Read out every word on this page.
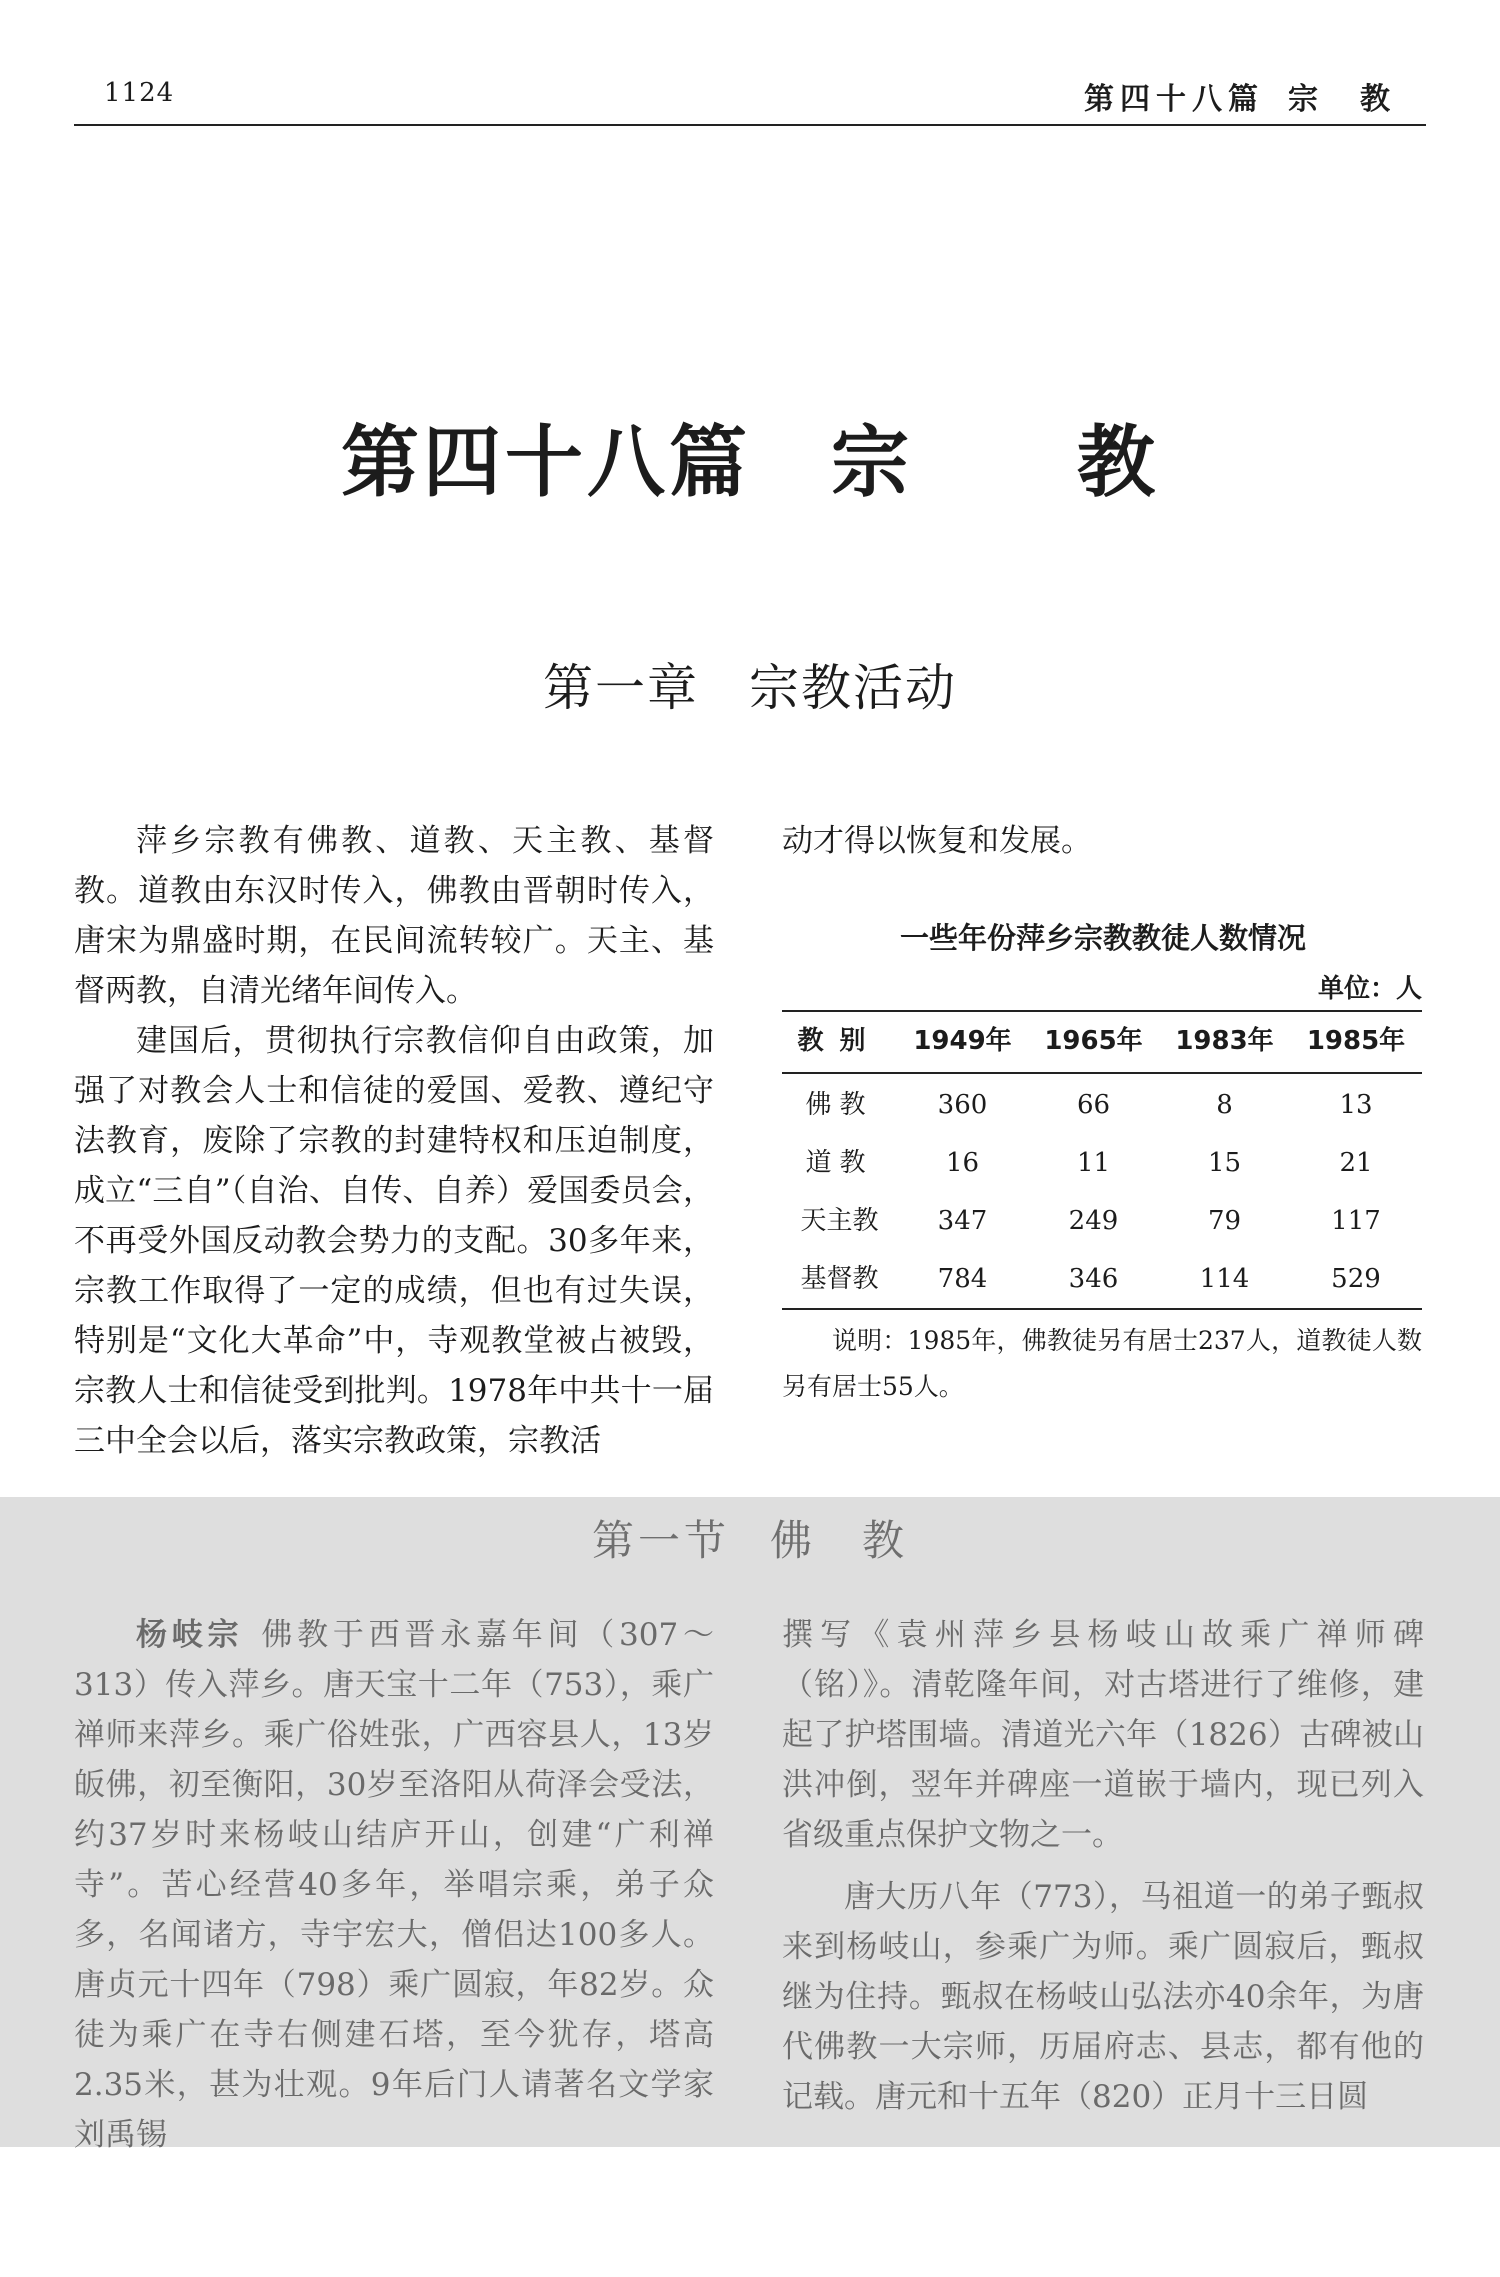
1124	第四十八篇 宗　教
第四十八篇 宗　　教
第一章 宗教活动

萍乡宗教有佛教、道教、天主教、基督教。道教由东汉时传入，佛教由晋朝时传入，唐宋为鼎盛时期，在民间流转较广。天主、基督两教，自清光绪年间传入。

建国后，贯彻执行宗教信仰自由政策，加强了对教会人士和信徒的爱国、爱教、遵纪守法教育，废除了宗教的封建特权和压迫制度，成立“三自”（自治、自传、自养）爱国委员会，不再受外国反动教会势力的支配。30多年来，宗教工作取得了一定的成绩，但也有过失误，特别是“文化大革命”中，寺观教堂被占被毁，宗教人士和信徒受到批判。1978年中共十一届三中全会以后，落实宗教政策，宗教活

动才得以恢复和发展。

一些年份萍乡宗教教徒人数情况
单位：人
教别	1949年	1965年	1983年	1985年
佛教	360	66	8	13
道教	16	11	15	21
天主教	347	249	79	117
基督教	784	346	114	529
说明：1985年，佛教徒另有居士237人，道教徒人数另有居士55人。
第一节 佛　教

杨岐宗 佛教于西晋永嘉年间（307～313）传入萍乡。唐天宝十二年（753），乘广禅师来萍乡。乘广俗姓张，广西容县人，13岁皈佛，初至衡阳，30岁至洛阳从荷泽会受法，约37岁时来杨岐山结庐开山，创建“广利禅寺”。苦心经营40多年，举唱宗乘，弟子众多，名闻诸方，寺宇宏大，僧侣达100多人。唐贞元十四年（798）乘广圆寂，年82岁。众徒为乘广在寺右侧建石塔，至今犹存，塔高2.35米，甚为壮观。9年后门人请著名文学家刘禹锡

撰写《袁州萍乡县杨岐山故乘广禅师碑（铭）》。清乾隆年间，对古塔进行了维修，建起了护塔围墙。清道光六年（1826）古碑被山洪冲倒，翌年并碑座一道嵌于墙内，现已列入省级重点保护文物之一。

唐大历八年（773），马祖道一的弟子甄叔来到杨岐山，参乘广为师。乘广圆寂后，甄叔继为住持。甄叔在杨岐山弘法亦40余年，为唐代佛教一大宗师，历届府志、县志，都有他的记载。唐元和十五年（820）正月十三日圆
